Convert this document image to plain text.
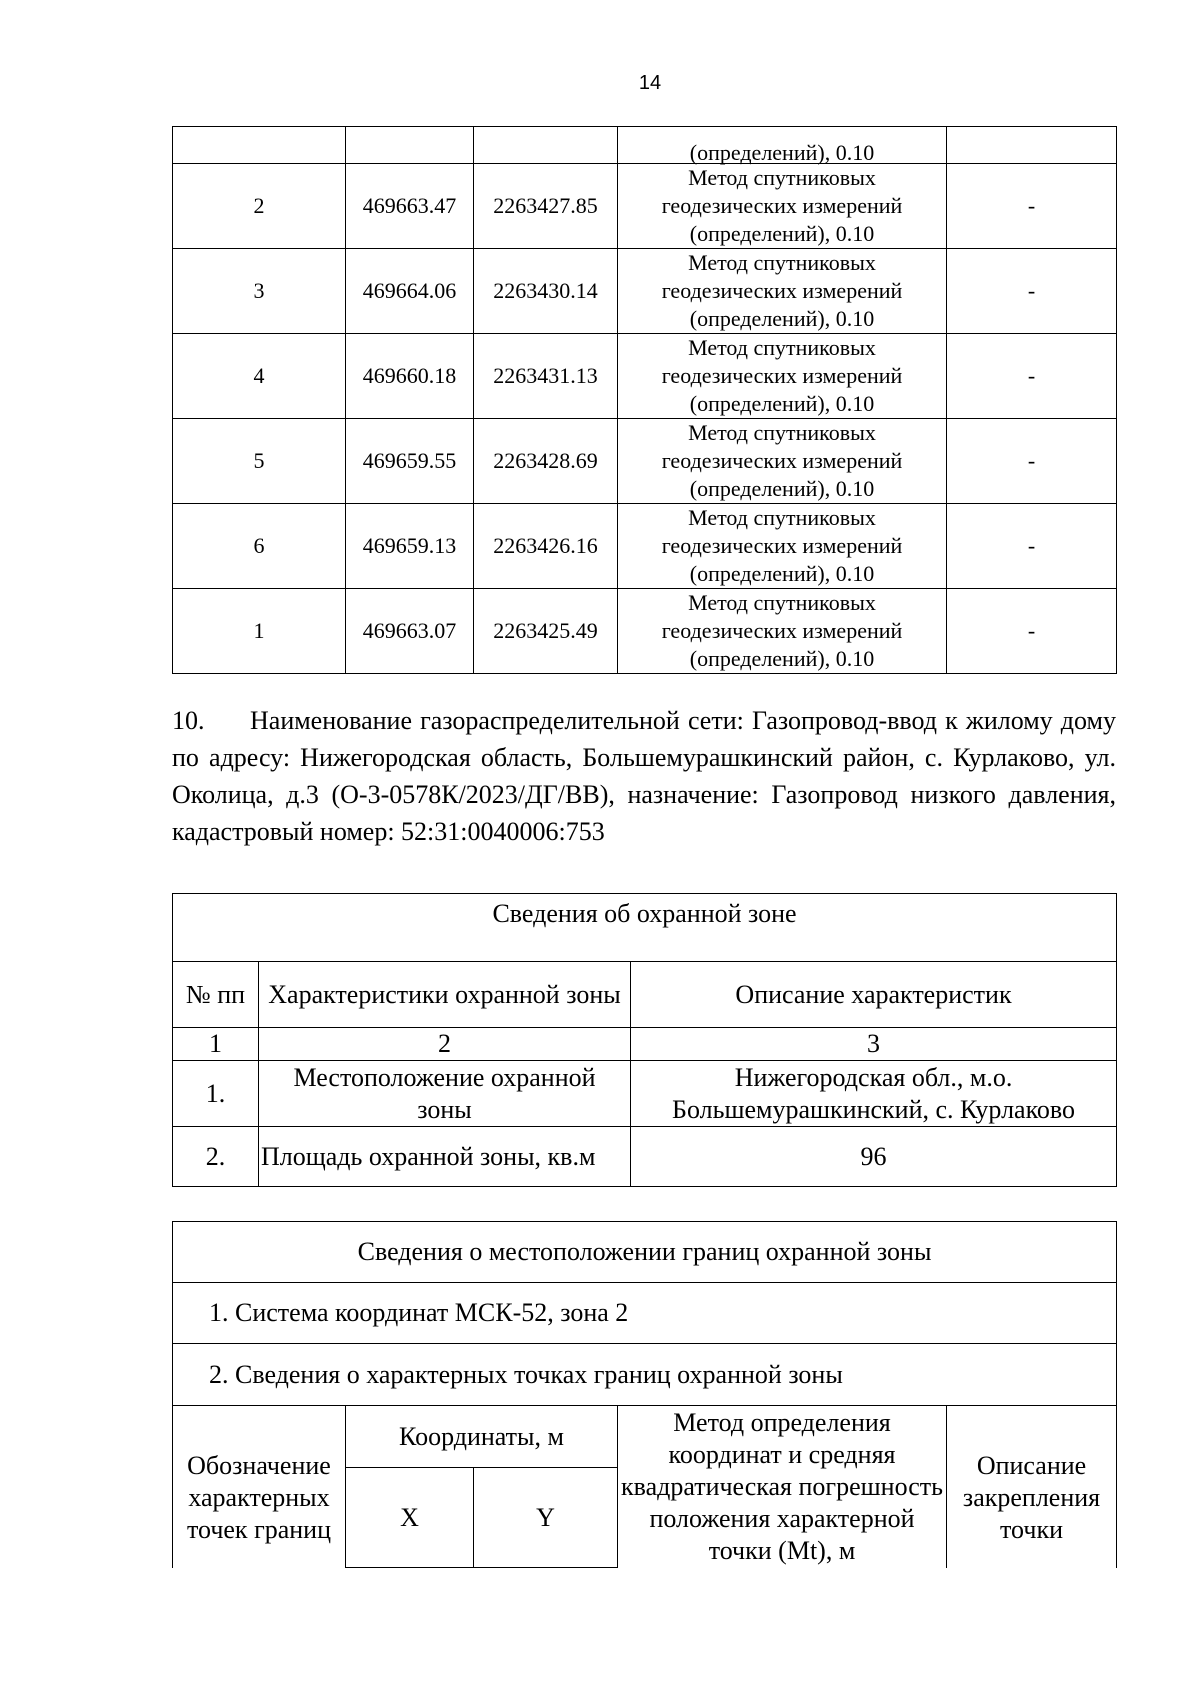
14
			(определений), 0.10	
2	469663.47	2263427.85	Метод спутниковых
геодезических измерений
(определений), 0.10	-
3	469664.06	2263430.14	Метод спутниковых
геодезических измерений
(определений), 0.10	-
4	469660.18	2263431.13	Метод спутниковых
геодезических измерений
(определений), 0.10	-
5	469659.55	2263428.69	Метод спутниковых
геодезических измерений
(определений), 0.10	-
6	469659.13	2263426.16	Метод спутниковых
геодезических измерений
(определений), 0.10	-
1	469663.07	2263425.49	Метод спутниковых
геодезических измерений
(определений), 0.10	-
10. Наименование газораспределительной сети: Газопровод-ввод к жилому дому по адресу: Нижегородская область, Большемурашкинский район, с. Курлаково, ул. Околица, д.3 (О-3-0578К/2023/ДГ/ВВ), назначение: Газопровод низкого давления, кадастровый номер: 52:31:0040006:753
Сведения об охранной зоне		
№ пп	Характеристики охранной зоны	Описание характеристик
1	2	3
1.	Местоположение охранной зоны	Нижегородская обл., м.о. Большемурашкинский, с. Курлаково
2.	Площадь охранной зоны, кв.м	96
Сведения о местоположении границ охранной зоны				
1. Система координат МСК-52, зона 2				
2. Сведения о характерных точках границ охранной зоны				
Обозначение характерных точек границ	Координаты, м		Метод определения координат и средняя квадратическая погрешность положения характерной точки (Mt), м	Описание закрепления точки
	X	Y		
